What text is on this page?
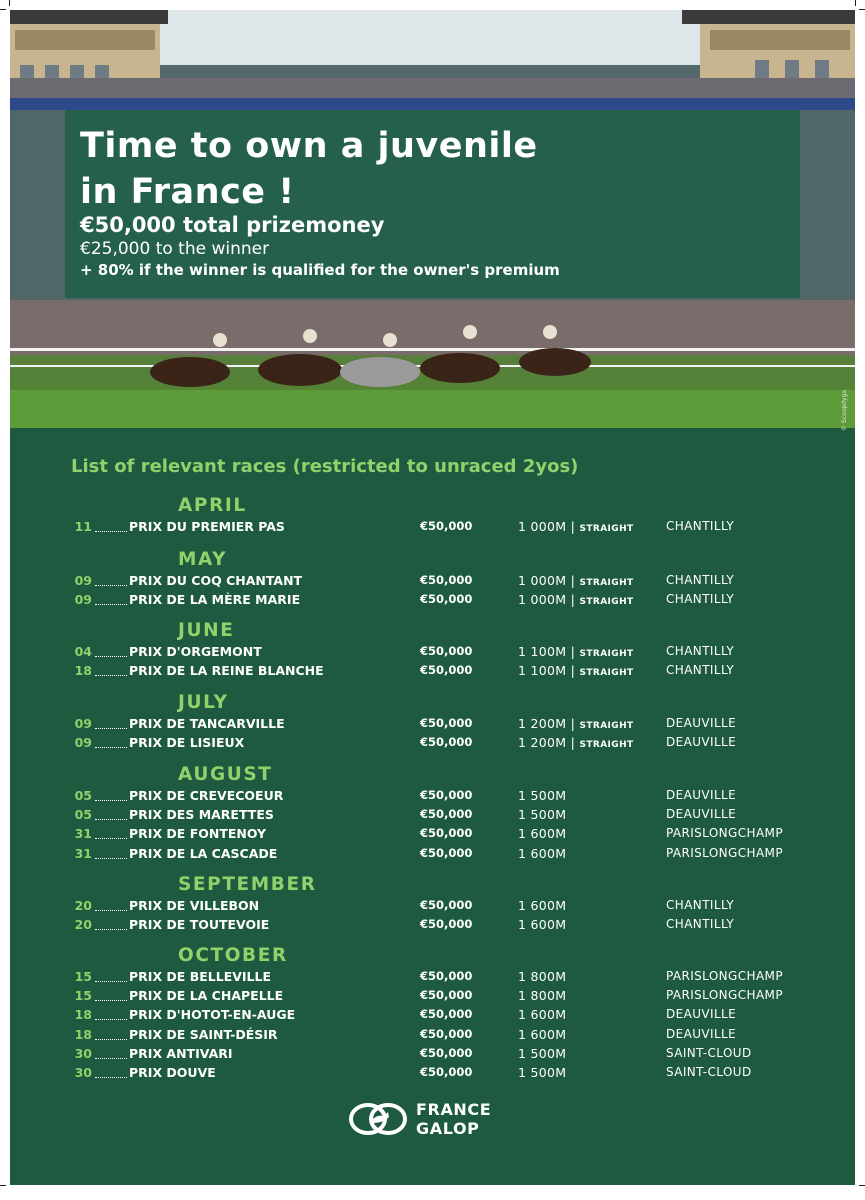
Time to own a juvenile
in France !
€50,000 total prizemoney
€25,000 to the winner
+ 80% if the winner is qualified for the owner's premium
© Scoopdyga
List of relevant races (restricted to unraced 2yos)
APRIL
11	PRIX DU PREMIER PAS	€50,000	1 000M | STRAIGHT	CHANTILLY
MAY
09	PRIX DU COQ CHANTANT	€50,000	1 000M | STRAIGHT	CHANTILLY
09	PRIX DE LA MÈRE MARIE	€50,000	1 000M | STRAIGHT	CHANTILLY
JUNE
04	PRIX D'ORGEMONT	€50,000	1 100M | STRAIGHT	CHANTILLY
18	PRIX DE LA REINE BLANCHE	€50,000	1 100M | STRAIGHT	CHANTILLY
JULY
09	PRIX DE TANCARVILLE	€50,000	1 200M | STRAIGHT	DEAUVILLE
09	PRIX DE LISIEUX	€50,000	1 200M | STRAIGHT	DEAUVILLE
AUGUST
05	PRIX DE CREVECOEUR	€50,000	1 500M	DEAUVILLE
05	PRIX DES MARETTES	€50,000	1 500M	DEAUVILLE
31	PRIX DE FONTENOY	€50,000	1 600M	PARISLONGCHAMP
31	PRIX DE LA CASCADE	€50,000	1 600M	PARISLONGCHAMP
SEPTEMBER
20	PRIX DE VILLEBON	€50,000	1 600M	CHANTILLY
20	PRIX DE TOUTEVOIE	€50,000	1 600M	CHANTILLY
OCTOBER
15	PRIX DE BELLEVILLE	€50,000	1 800M	PARISLONGCHAMP
15	PRIX DE LA CHAPELLE	€50,000	1 800M	PARISLONGCHAMP
18	PRIX D'HOTOT-EN-AUGE	€50,000	1 600M	DEAUVILLE
18	PRIX DE SAINT-DÉSIR	€50,000	1 600M	DEAUVILLE
30	PRIX ANTIVARI	€50,000	1 500M	SAINT-CLOUD
30	PRIX DOUVE	€50,000	1 500M	SAINT-CLOUD
FRANCE
GALOP
